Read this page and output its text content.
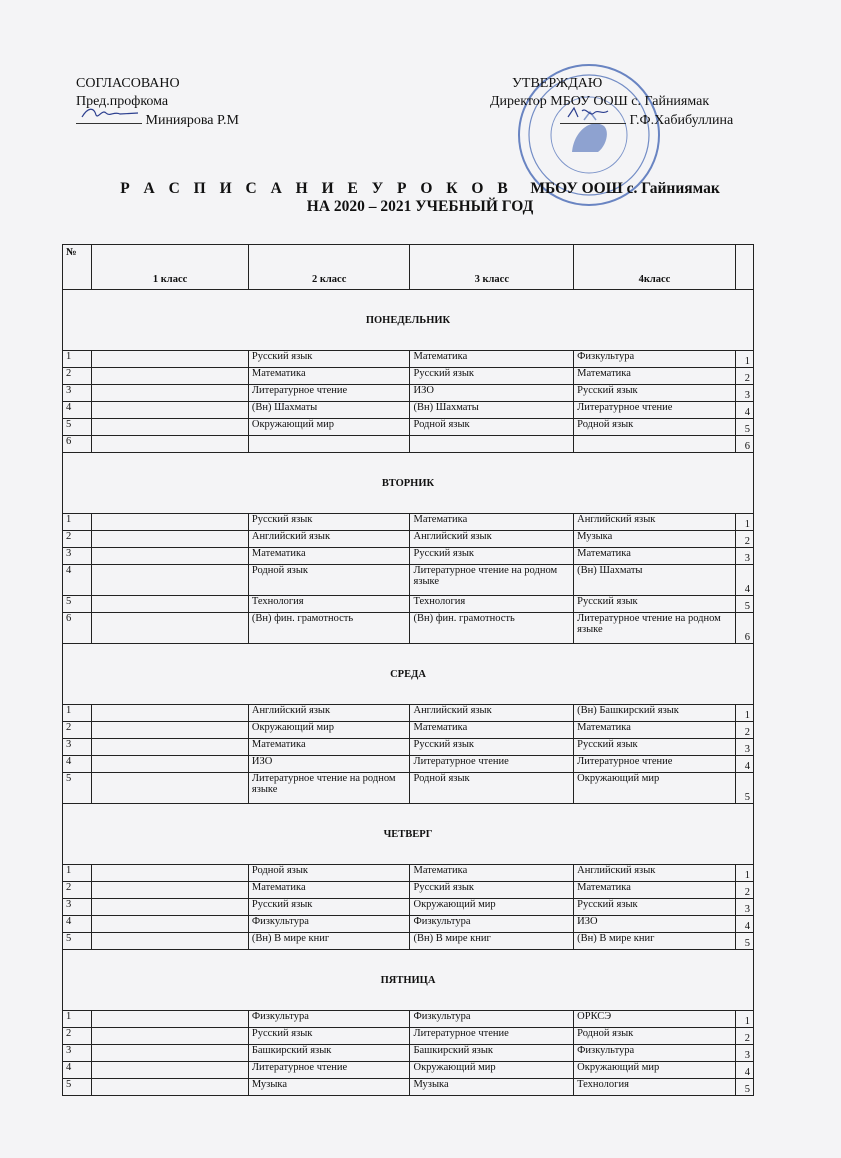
СОГЛАСОВАНО
Пред.профкома
Миниярова Р.М
УТВЕРЖДАЮ
Директор МБОУ ООШ с. Гайниямак
Г.Ф.Хабибуллина
Р А С П И С А Н И Е У Р О К О В МБОУ ООШ с. Гайниямак
НА 2020 – 2021 УЧЕБНЫЙ ГОД
№	1 класс	2 класс	3 класс	4класс	
ПОНЕДЕЛЬНИК					
1		Русский язык	Математика	Физкультура	1
2		Математика	Русский язык	Математика	2
3		Литературное чтение	ИЗО	Русский язык	3
4		(Вн) Шахматы	(Вн) Шахматы	Литературное чтение	4
5		Окружающий мир	Родной язык	Родной язык	5
6					6
ВТОРНИК					
1		Русский язык	Математика	Английский язык	1
2		Английский язык	Английский язык	Музыка	2
3		Математика	Русский язык	Математика	3
4		Родной язык	Литературное чтение на родном языке	(Вн) Шахматы	4
5		Технология	Технология	Русский язык	5
6		(Вн) фин. грамотность	(Вн) фин. грамотность	Литературное чтение на родном языке	6
СРЕДА					
1		Английский язык	Английский язык	(Вн) Башкирский язык	1
2		Окружающий мир	Математика	Математика	2
3		Математика	Русский язык	Русский язык	3
4		ИЗО	Литературное чтение	Литературное чтение	4
5		Литературное чтение на родном языке	Родной язык	Окружающий мир	5
ЧЕТВЕРГ					
1		Родной язык	Математика	Английский язык	1
2		Математика	Русский язык	Математика	2
3		Русский язык	Окружающий мир	Русский язык	3
4		Физкультура	Физкультура	ИЗО	4
5		(Вн) В мире книг	(Вн) В мире книг	(Вн) В мире книг	5
ПЯТНИЦА					
1		Физкультура	Физкультура	ОРКСЭ	1
2		Русский язык	Литературное чтение	Родной язык	2
3		Башкирский язык	Башкирский язык	Физкультура	3
4		Литературное чтение	Окружающий мир	Окружающий мир	4
5		Музыка	Музыка	Технология	5
